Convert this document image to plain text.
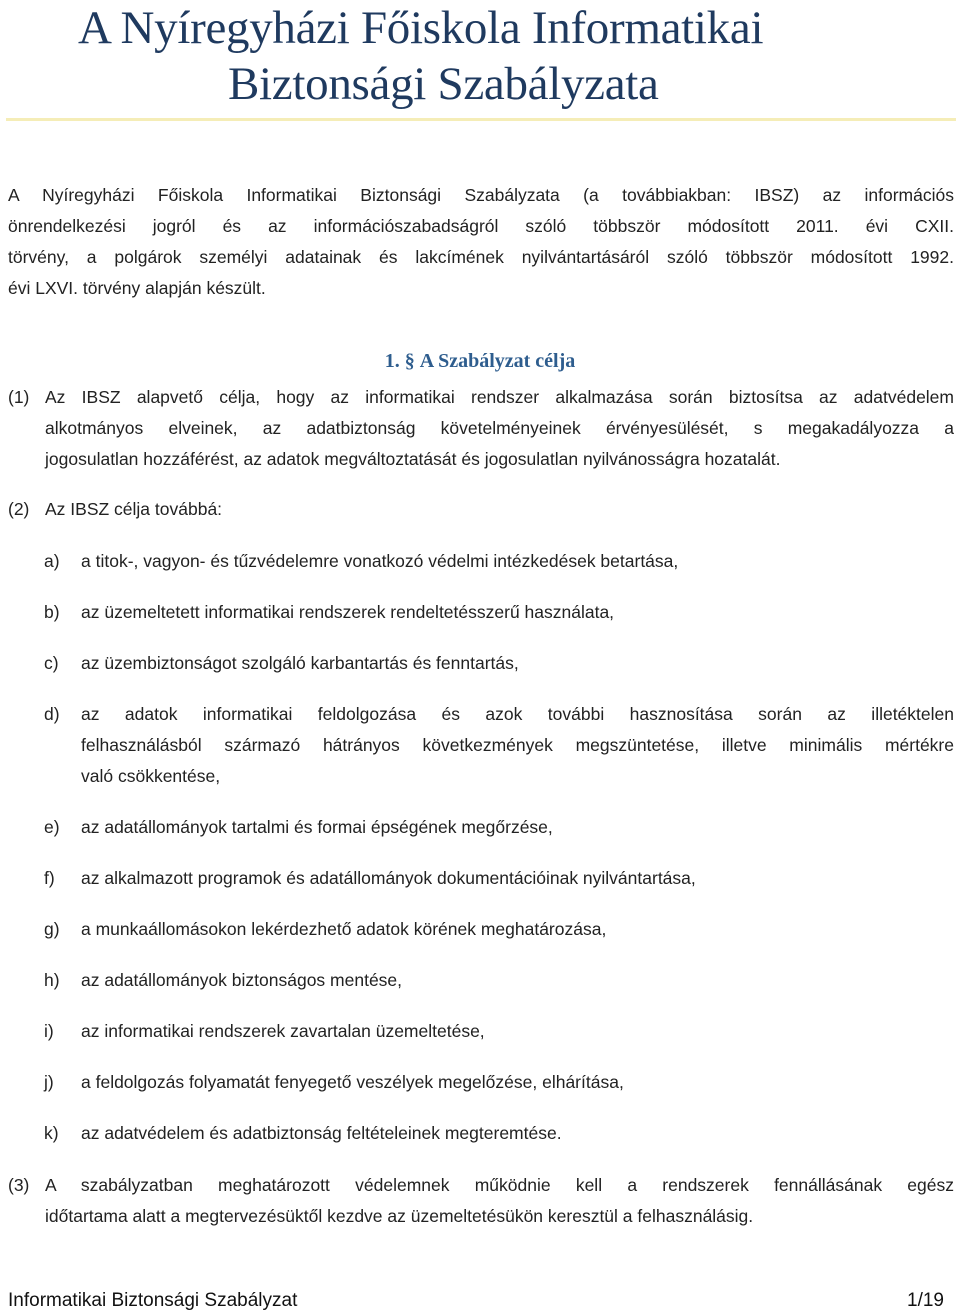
A Nyíregyházi Főiskola Informatikai
Biztonsági Szabályzata

A Nyíregyházi Főiskola Informatikai Biztonsági Szabályzata (a továbbiakban: IBSZ) az információs

önrendelkezési jogról és az információszabadságról szóló többször módosított 2011. évi CXII.

törvény, a polgárok személyi adatainak és lakcímének nyilvántartásáról szóló többször módosított 1992.

évi LXVI. törvény alapján készült.

1. § A Szabályzat célja
(1) Az IBSZ alapvető célja, hogy az informatikai rendszer alkalmazása során biztosítsa az adatvédelem
alkotmányos elveinek, az adatbiztonság követelményeinek érvényesülését, s megakadályozza a
jogosulatlan hozzáférést, az adatok megváltoztatását és jogosulatlan nyilvánosságra hozatalát.
(2) Az IBSZ célja továbbá:
a) a titok-, vagyon- és tűzvédelemre vonatkozó védelmi intézkedések betartása,
b) az üzemeltetett informatikai rendszerek rendeltetésszerű használata,
c) az üzembiztonságot szolgáló karbantartás és fenntartás,
d) az adatok informatikai feldolgozása és azok további hasznosítása során az illetéktelen
felhasználásból származó hátrányos következmények megszüntetése, illetve minimális mértékre
való csökkentése,
e) az adatállományok tartalmi és formai épségének megőrzése,
f) az alkalmazott programok és adatállományok dokumentációinak nyilvántartása,
g) a munkaállomásokon lekérdezhető adatok körének meghatározása,
h) az adatállományok biztonságos mentése,
i) az informatikai rendszerek zavartalan üzemeltetése,
j) a feldolgozás folyamatát fenyegető veszélyek megelőzése, elhárítása,
k) az adatvédelem és adatbiztonság feltételeinek megteremtése.
(3) A szabályzatban meghatározott védelemnek működnie kell a rendszerek fennállásának egész
időtartama alatt a megtervezésüktől kezdve az üzemeltetésükön keresztül a felhasználásig.
Informatikai Biztonsági Szabályzat	1/19
